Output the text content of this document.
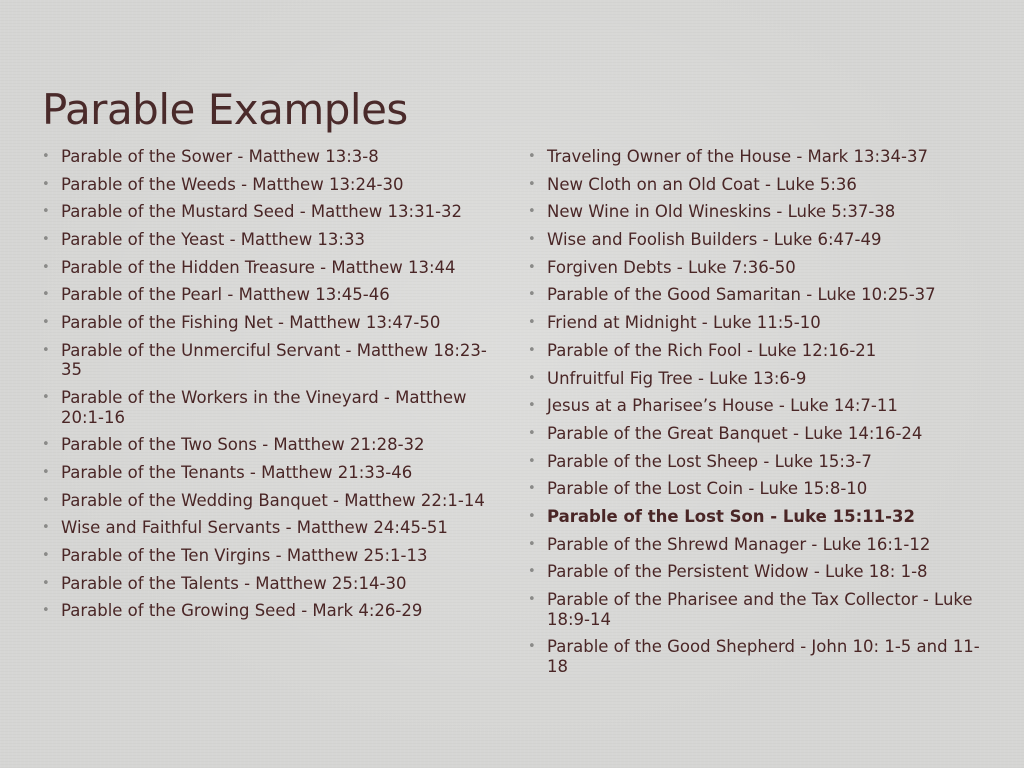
Parable Examples
• Parable of the Sower - Matthew 13:3-8
• Parable of the Weeds - Matthew 13:24-30
• Parable of the Mustard Seed - Matthew 13:31-32
• Parable of the Yeast - Matthew 13:33
• Parable of the Hidden Treasure - Matthew 13:44
• Parable of the Pearl - Matthew 13:45-46
• Parable of the Fishing Net - Matthew 13:47-50
• Parable of the Unmerciful Servant - Matthew 18:23-35
• Parable of the Workers in the Vineyard - Matthew 20:1-16
• Parable of the Two Sons - Matthew 21:28-32
• Parable of the Tenants - Matthew 21:33-46
• Parable of the Wedding Banquet - Matthew 22:1-14
• Wise and Faithful Servants - Matthew 24:45-51
• Parable of the Ten Virgins - Matthew 25:1-13
• Parable of the Talents - Matthew 25:14-30
• Parable of the Growing Seed - Mark 4:26-29
• Traveling Owner of the House - Mark 13:34-37
• New Cloth on an Old Coat - Luke 5:36
• New Wine in Old Wineskins - Luke 5:37-38
• Wise and Foolish Builders - Luke 6:47-49
• Forgiven Debts - Luke 7:36-50
• Parable of the Good Samaritan - Luke 10:25-37
• Friend at Midnight - Luke 11:5-10
• Parable of the Rich Fool - Luke 12:16-21
• Unfruitful Fig Tree - Luke 13:6-9
• Jesus at a Pharisee’s House - Luke 14:7-11
• Parable of the Great Banquet - Luke 14:16-24
• Parable of the Lost Sheep - Luke 15:3-7
• Parable of the Lost Coin - Luke 15:8-10
• Parable of the Lost Son - Luke 15:11-32
• Parable of the Shrewd Manager - Luke 16:1-12
• Parable of the Persistent Widow - Luke 18: 1-8
• Parable of the Pharisee and the Tax Collector - Luke 18:9-14
• Parable of the Good Shepherd - John 10: 1-5 and 11-18
